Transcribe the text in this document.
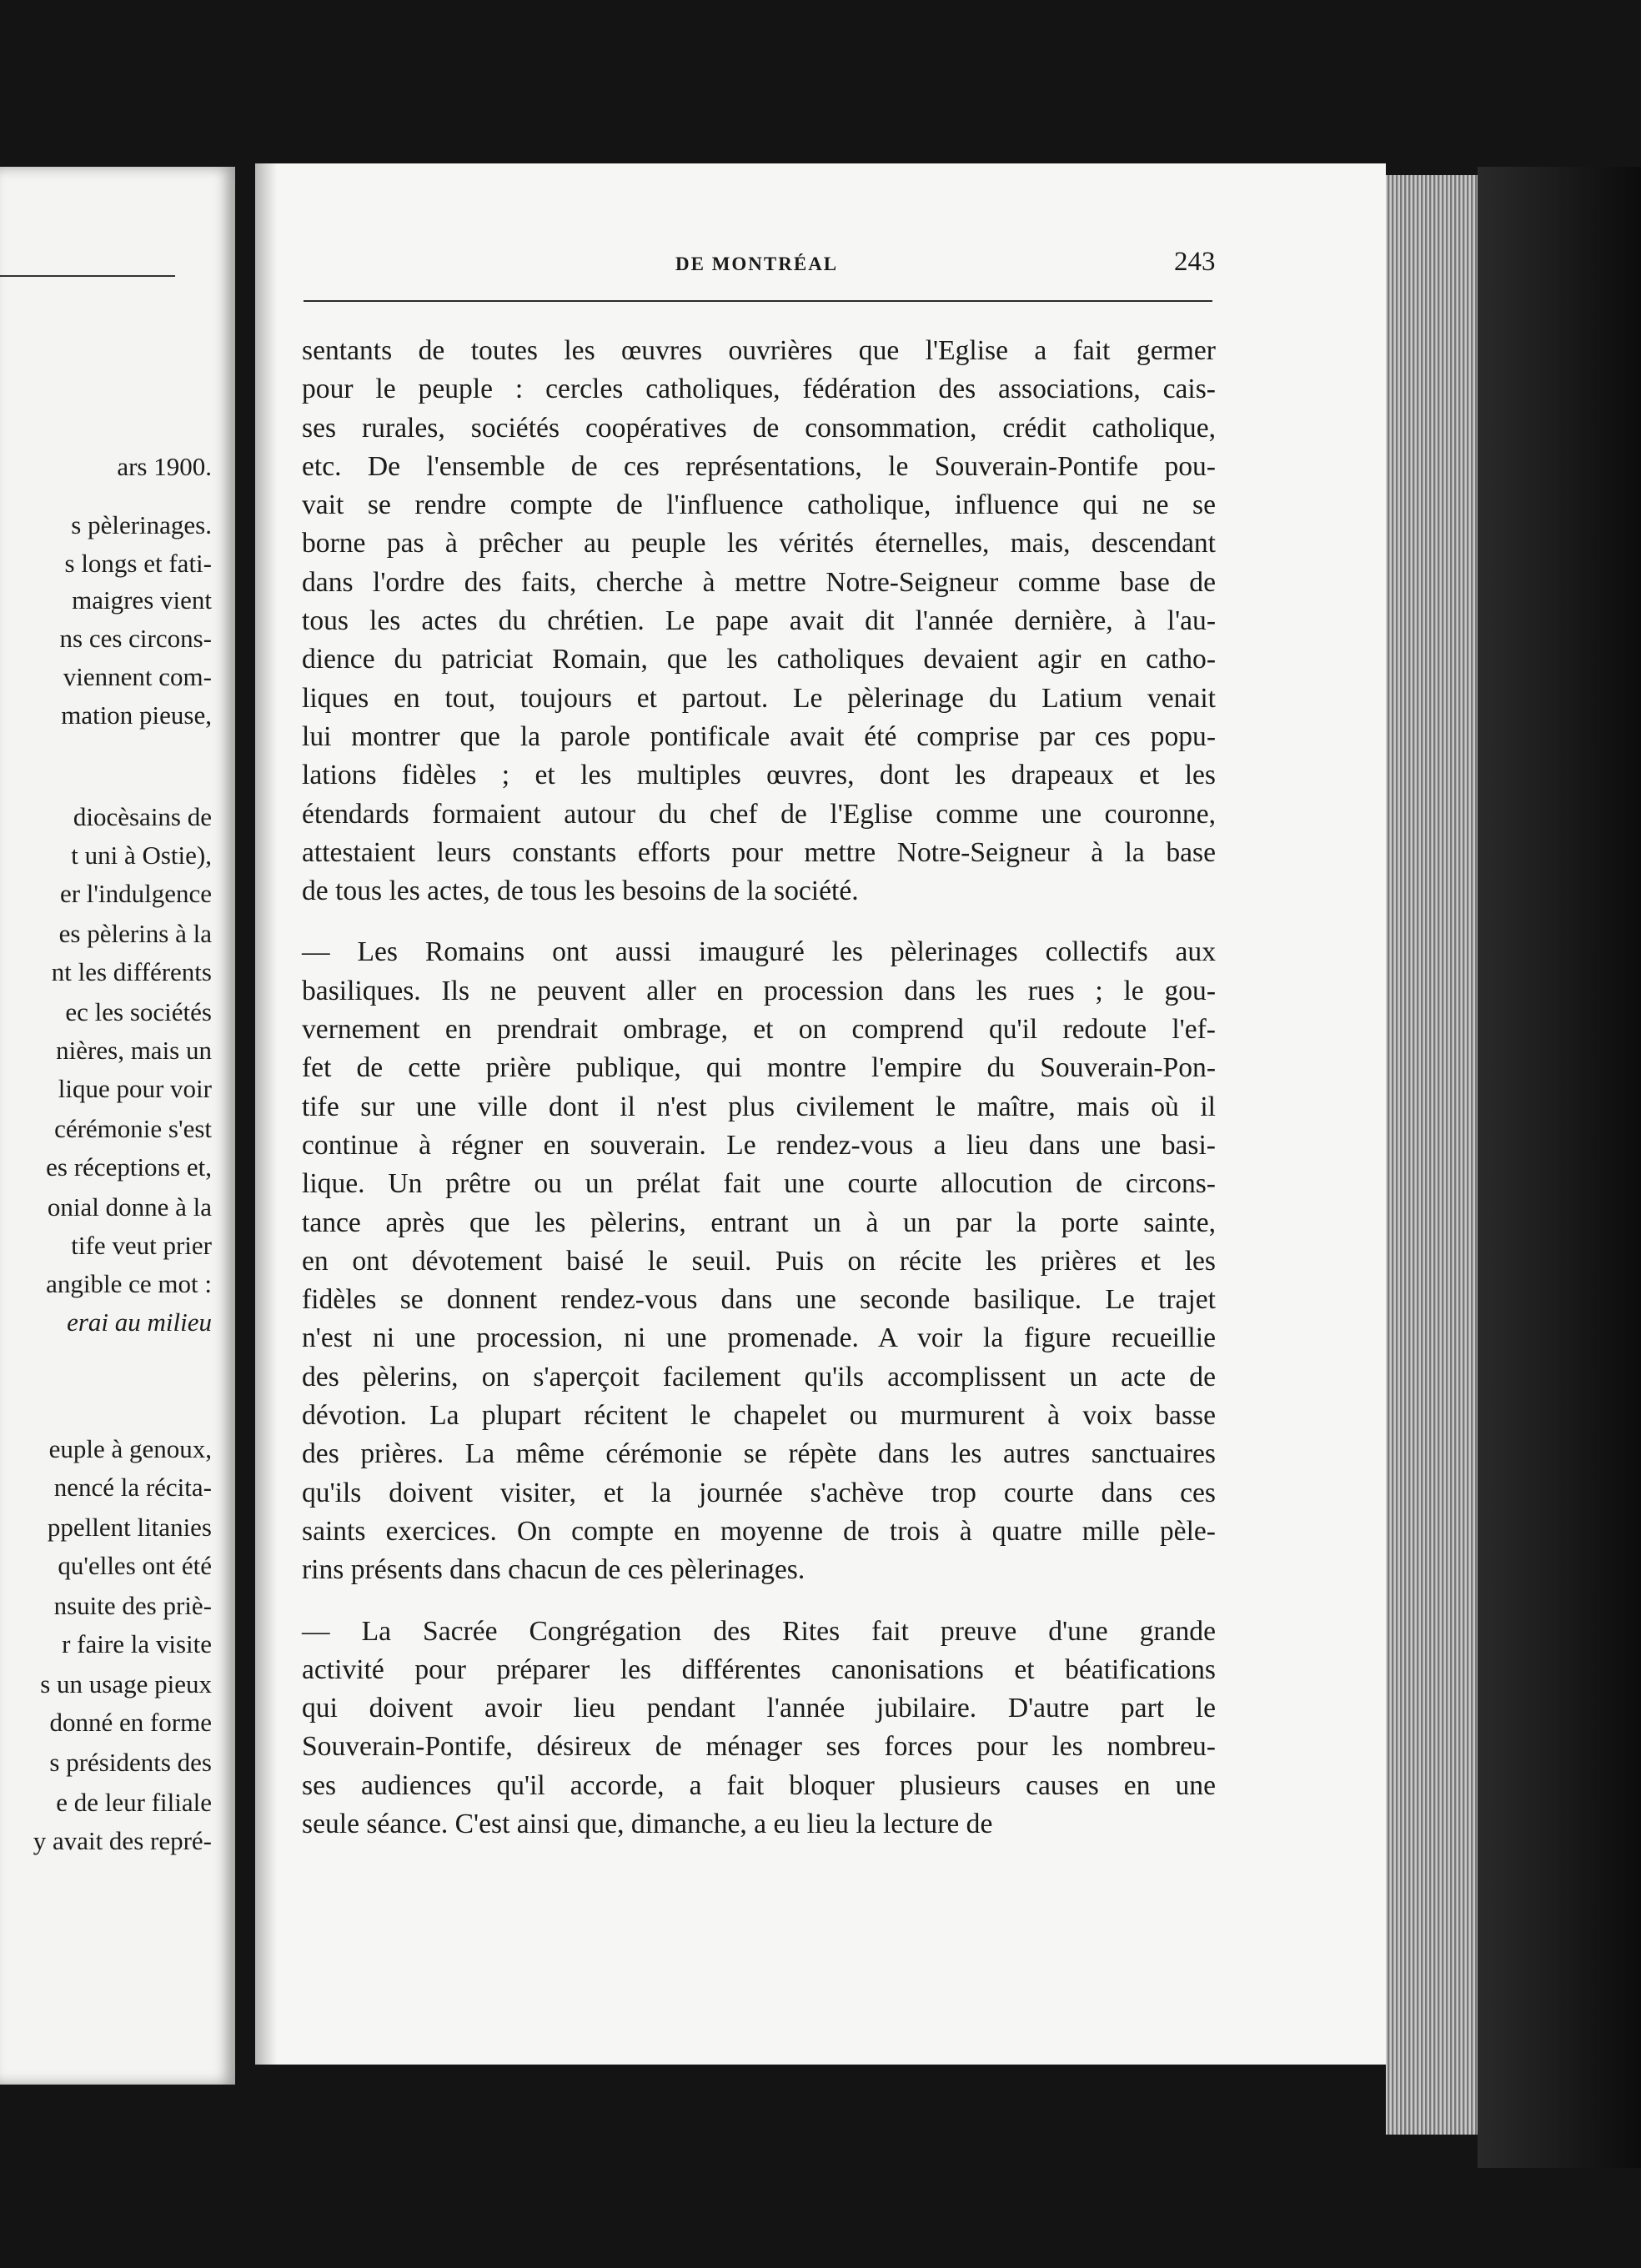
ars 1900.
s pèlerinages.
s longs et fati-
maigres vient
ns ces circons-
viennent com-
mation pieuse,
diocèsains de
t uni à Ostie),
er l'indulgence
es pèlerins à la
nt les différents
ec les sociétés
nières, mais un
lique pour voir
cérémonie s'est
es réceptions et,
onial donne à la
tife veut prier
angible ce mot :
erai au milieu
euple à genoux,
nencé la récita-
ppellent litanies
qu'elles ont été
nsuite des priè-
r faire la visite
s un usage pieux
donné en forme
s présidents des
e de leur filiale
y avait des repré-
DE MONTRÉAL	243
sentants de toutes les œuvres ouvrières que l'Eglise a fait germer
pour le peuple : cercles catholiques, fédération des associations, cais-
ses rurales, sociétés coopératives de consommation, crédit catholique,
etc. De l'ensemble de ces représentations, le Souverain-Pontife pou-
vait se rendre compte de l'influence catholique, influence qui ne se
borne pas à prêcher au peuple les vérités éternelles, mais, descendant
dans l'ordre des faits, cherche à mettre Notre-Seigneur comme base de
tous les actes du chrétien. Le pape avait dit l'année dernière, à l'au-
dience du patriciat Romain, que les catholiques devaient agir en catho-
liques en tout, toujours et partout. Le pèlerinage du Latium venait
lui montrer que la parole pontificale avait été comprise par ces popu-
lations fidèles ; et les multiples œuvres, dont les drapeaux et les
étendards formaient autour du chef de l'Eglise comme une couronne,
attestaient leurs constants efforts pour mettre Notre-Seigneur à la base
de tous les actes, de tous les besoins de la société.
— Les Romains ont aussi imauguré les pèlerinages collectifs aux
basiliques. Ils ne peuvent aller en procession dans les rues ; le gou-
vernement en prendrait ombrage, et on comprend qu'il redoute l'ef-
fet de cette prière publique, qui montre l'empire du Souverain-Pon-
tife sur une ville dont il n'est plus civilement le maître, mais où il
continue à régner en souverain. Le rendez-vous a lieu dans une basi-
lique. Un prêtre ou un prélat fait une courte allocution de circons-
tance après que les pèlerins, entrant un à un par la porte sainte,
en ont dévotement baisé le seuil. Puis on récite les prières et les
fidèles se donnent rendez-vous dans une seconde basilique. Le trajet
n'est ni une procession, ni une promenade. A voir la figure recueillie
des pèlerins, on s'aperçoit facilement qu'ils accomplissent un acte de
dévotion. La plupart récitent le chapelet ou murmurent à voix basse
des prières. La même cérémonie se répète dans les autres sanctuaires
qu'ils doivent visiter, et la journée s'achève trop courte dans ces
saints exercices. On compte en moyenne de trois à quatre mille pèle-
rins présents dans chacun de ces pèlerinages.
— La Sacrée Congrégation des Rites fait preuve d'une grande
activité pour préparer les différentes canonisations et béatifications
qui doivent avoir lieu pendant l'année jubilaire. D'autre part le
Souverain-Pontife, désireux de ménager ses forces pour les nombreu-
ses audiences qu'il accorde, a fait bloquer plusieurs causes en une
seule séance. C'est ainsi que, dimanche, a eu lieu la lecture de
